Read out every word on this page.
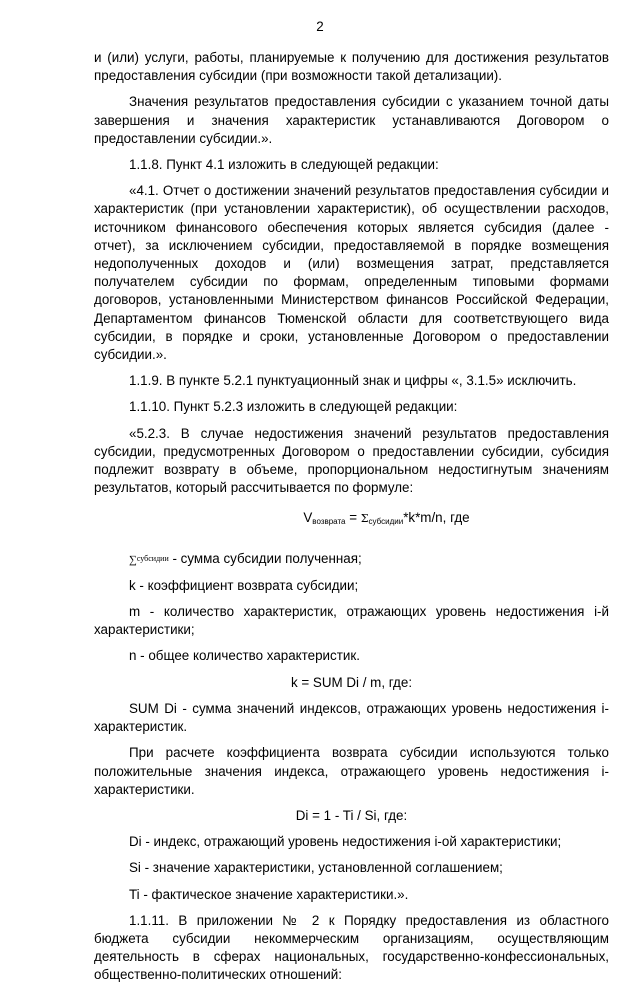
2

и (или) услуги, работы, планируемые к получению для достижения результатов предоставления субсидии (при возможности такой детализации).

Значения результатов предоставления субсидии с указанием точной даты завершения и значения характеристик устанавливаются Договором о предоставлении субсидии.».

1.1.8. Пункт 4.1 изложить в следующей редакции:

«4.1. Отчет о достижении значений результатов предоставления субсидии и характеристик (при установлении характеристик), об осуществлении расходов, источником финансового обеспечения которых является субсидия (далее - отчет), за исключением субсидии, предоставляемой в порядке возмещения недополученных доходов и (или) возмещения затрат, представляется получателем субсидии по формам, определенным типовыми формами договоров, установленными Министерством финансов Российской Федерации, Департаментом финансов Тюменской области для соответствующего вида субсидии, в порядке и сроки, установленные Договором о предоставлении субсидии.».

1.1.9. В пункте 5.2.1 пунктуационный знак и цифры «, 3.1.5» исключить.

1.1.10. Пункт 5.2.3 изложить в следующей редакции:

«5.2.3. В случае недостижения значений результатов предоставления субсидии, предусмотренных Договором о предоставлении субсидии, субсидия подлежит возврату в объеме, пропорциональном недостигнутым значениям результатов, который рассчитывается по формуле:

$V_{возврата} = \Sigma_{субсидии}*k*m/n$, где

∑субсидии - сумма субсидии полученная;

k - коэффициент возврата субсидии;

m - количество характеристик, отражающих уровень недостижения i-й характеристики;

n - общее количество характеристик.

k = SUM Di / m, где:

SUM Di - сумма значений индексов, отражающих уровень недостижения i-характеристик.

При расчете коэффициента возврата субсидии используются только положительные значения индекса, отражающего уровень недостижения i-характеристики.

Di = 1 - Ti / Si, где:

Di - индекс, отражающий уровень недостижения i-ой характеристики;

Si - значение характеристики, установленной соглашением;

Ti - фактическое значение характеристики.».

1.1.11. В приложении № 2 к Порядку предоставления из областного бюджета субсидии некоммерческим организациям, осуществляющим деятельность в сферах национальных, государственно-конфессиональных, общественно-политических отношений:
